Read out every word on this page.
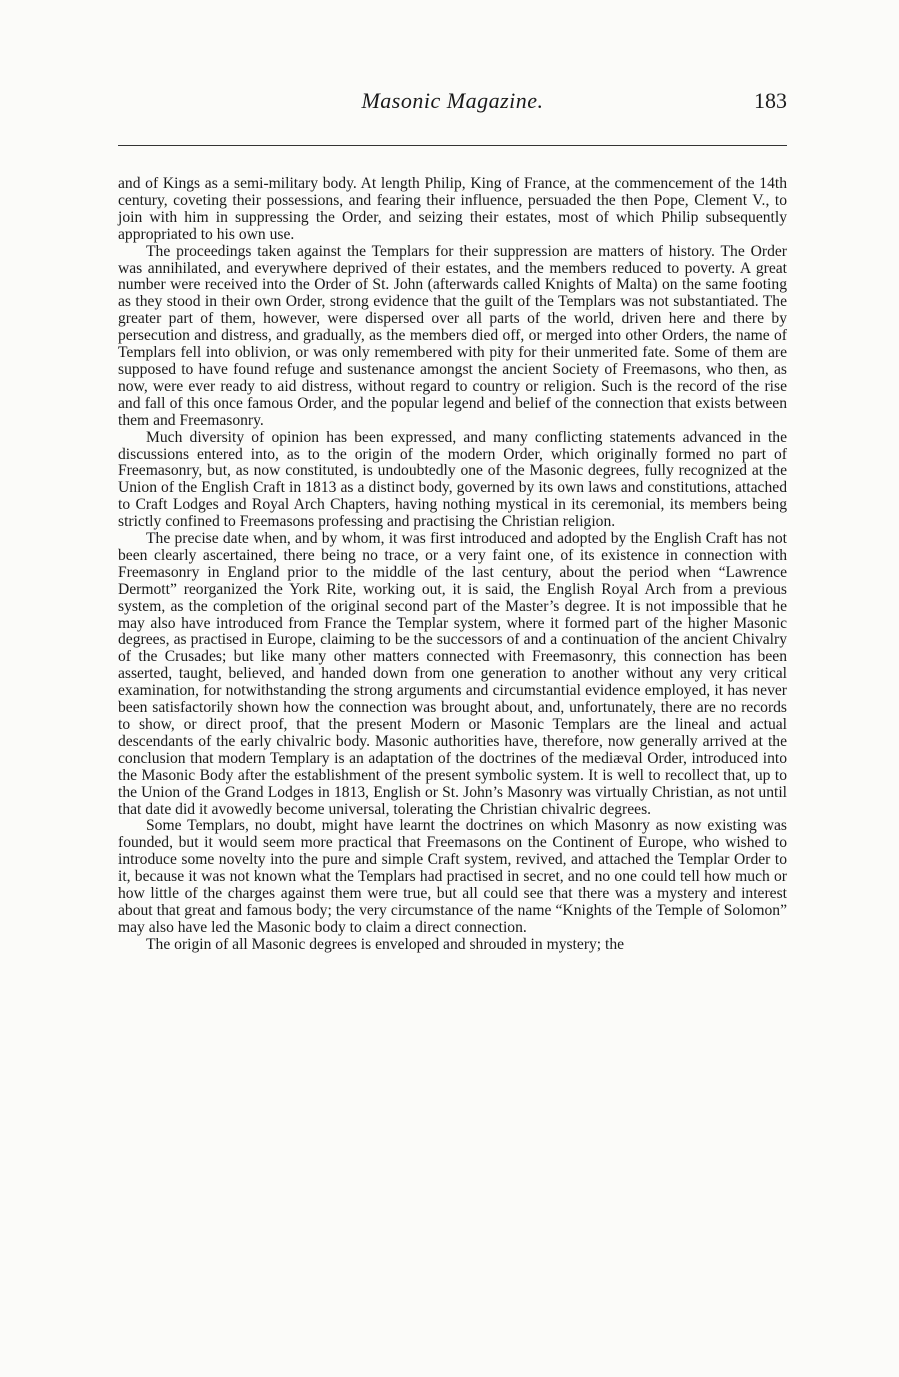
Masonic Magazine.	183

and of Kings as a semi-military body. At length Philip, King of France, at the commencement of the 14th century, coveting their possessions, and fearing their influence, persuaded the then Pope, Clement V., to join with him in suppressing the Order, and seizing their estates, most of which Philip subsequently appropriated to his own use.

The proceedings taken against the Templars for their suppression are matters of history. The Order was annihilated, and everywhere deprived of their estates, and the members reduced to poverty. A great number were received into the Order of St. John (afterwards called Knights of Malta) on the same footing as they stood in their own Order, strong evidence that the guilt of the Templars was not substantiated. The greater part of them, however, were dispersed over all parts of the world, driven here and there by persecution and distress, and gradually, as the members died off, or merged into other Orders, the name of Templars fell into oblivion, or was only remembered with pity for their unmerited fate. Some of them are supposed to have found refuge and sustenance amongst the ancient Society of Freemasons, who then, as now, were ever ready to aid distress, without regard to country or religion. Such is the record of the rise and fall of this once famous Order, and the popular legend and belief of the connection that exists between them and Freemasonry.

Much diversity of opinion has been expressed, and many conflicting statements advanced in the discussions entered into, as to the origin of the modern Order, which originally formed no part of Freemasonry, but, as now constituted, is undoubtedly one of the Masonic degrees, fully recognized at the Union of the English Craft in 1813 as a distinct body, governed by its own laws and constitutions, attached to Craft Lodges and Royal Arch Chapters, having nothing mystical in its ceremonial, its members being strictly confined to Freemasons professing and practising the Christian religion.

The precise date when, and by whom, it was first introduced and adopted by the English Craft has not been clearly ascertained, there being no trace, or a very faint one, of its existence in connection with Freemasonry in England prior to the middle of the last century, about the period when “Lawrence Dermott” reorganized the York Rite, working out, it is said, the English Royal Arch from a previous system, as the completion of the original second part of the Master’s degree. It is not impossible that he may also have introduced from France the Templar system, where it formed part of the higher Masonic degrees, as practised in Europe, claiming to be the successors of and a continuation of the ancient Chivalry of the Crusades; but like many other matters connected with Freemasonry, this connection has been asserted, taught, believed, and handed down from one generation to another without any very critical examination, for notwithstanding the strong arguments and circumstantial evidence employed, it has never been satisfactorily shown how the connection was brought about, and, unfortunately, there are no records to show, or direct proof, that the present Modern or Masonic Templars are the lineal and actual descendants of the early chivalric body. Masonic authorities have, therefore, now generally arrived at the conclusion that modern Templary is an adaptation of the doctrines of the mediæval Order, introduced into the Masonic Body after the establishment of the present symbolic system. It is well to recollect that, up to the Union of the Grand Lodges in 1813, English or St. John’s Masonry was virtually Christian, as not until that date did it avowedly become universal, tolerating the Christian chivalric degrees.

Some Templars, no doubt, might have learnt the doctrines on which Masonry as now existing was founded, but it would seem more practical that Freemasons on the Continent of Europe, who wished to introduce some novelty into the pure and simple Craft system, revived, and attached the Templar Order to it, because it was not known what the Templars had practised in secret, and no one could tell how much or how little of the charges against them were true, but all could see that there was a mystery and interest about that great and famous body; the very circumstance of the name “Knights of the Temple of Solomon” may also have led the Masonic body to claim a direct connection.

The origin of all Masonic degrees is enveloped and shrouded in mystery; the
